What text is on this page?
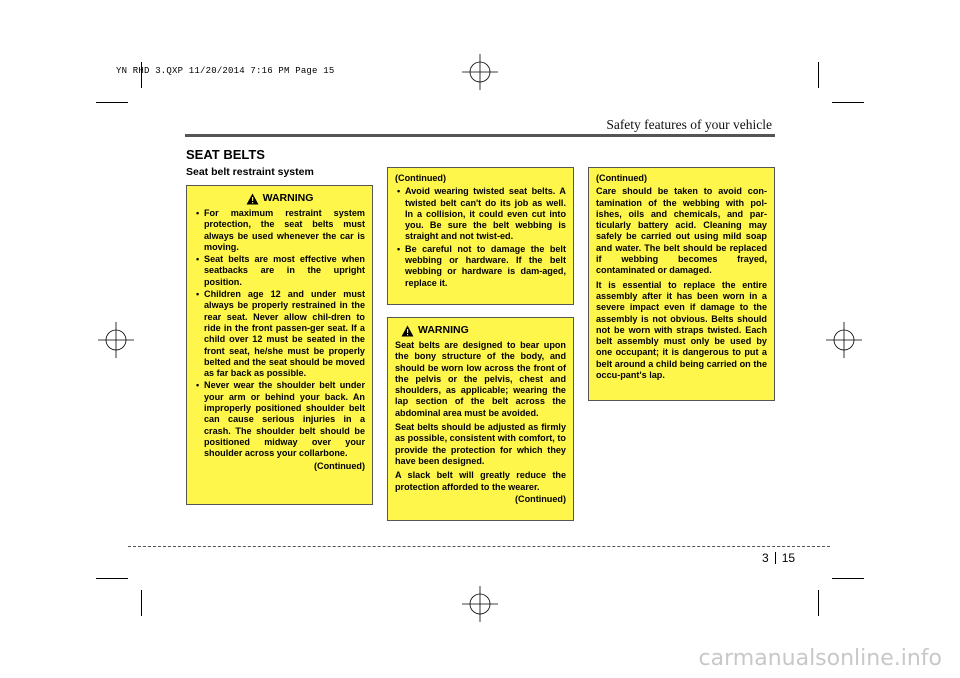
YN RHD 3.QXP 11/20/2014 7:16 PM Page 15
Safety features of your vehicle
SEAT BELTS
Seat belt restraint system
WARNING
• For maximum restraint system protection, the seat belts must always be used whenever the car is moving.
• Seat belts are most effective when seatbacks are in the upright position.
• Children age 12 and under must always be properly restrained in the rear seat. Never allow chil-dren to ride in the front passen-ger seat. If a child over 12 must be seated in the front seat, he/she must be properly belted and the seat should be moved as far back as possible.
• Never wear the shoulder belt under your arm or behind your back. An improperly positioned shoulder belt can cause serious injuries in a crash. The shoulder belt should be positioned midway over your shoulder across your collarbone.
(Continued)
(Continued)
• Avoid wearing twisted seat belts. A twisted belt can't do its job as well. In a collision, it could even cut into you. Be sure the belt webbing is straight and not twist-ed.
• Be careful not to damage the belt webbing or hardware. If the belt webbing or hardware is dam-aged, replace it.
WARNING

Seat belts are designed to bear upon the bony structure of the body, and should be worn low across the front of the pelvis or the pelvis, chest and shoulders, as applicable; wearing the lap section of the belt across the abdominal area must be avoided.

Seat belts should be adjusted as firmly as possible, consistent with comfort, to provide the protection for which they have been designed.

A slack belt will greatly reduce the protection afforded to the wearer.

(Continued)
(Continued)

Care should be taken to avoid con-tamination of the webbing with pol-ishes, oils and chemicals, and par-ticularly battery acid. Cleaning may safely be carried out using mild soap and water. The belt should be replaced if webbing becomes frayed, contaminated or damaged.

It is essential to replace the entire assembly after it has been worn in a severe impact even if damage to the assembly is not obvious. Belts should not be worn with straps twisted. Each belt assembly must only be used by one occupant; it is dangerous to put a belt around a child being carried on the occu-pant's lap.

3 15
carmanualsonline.info
